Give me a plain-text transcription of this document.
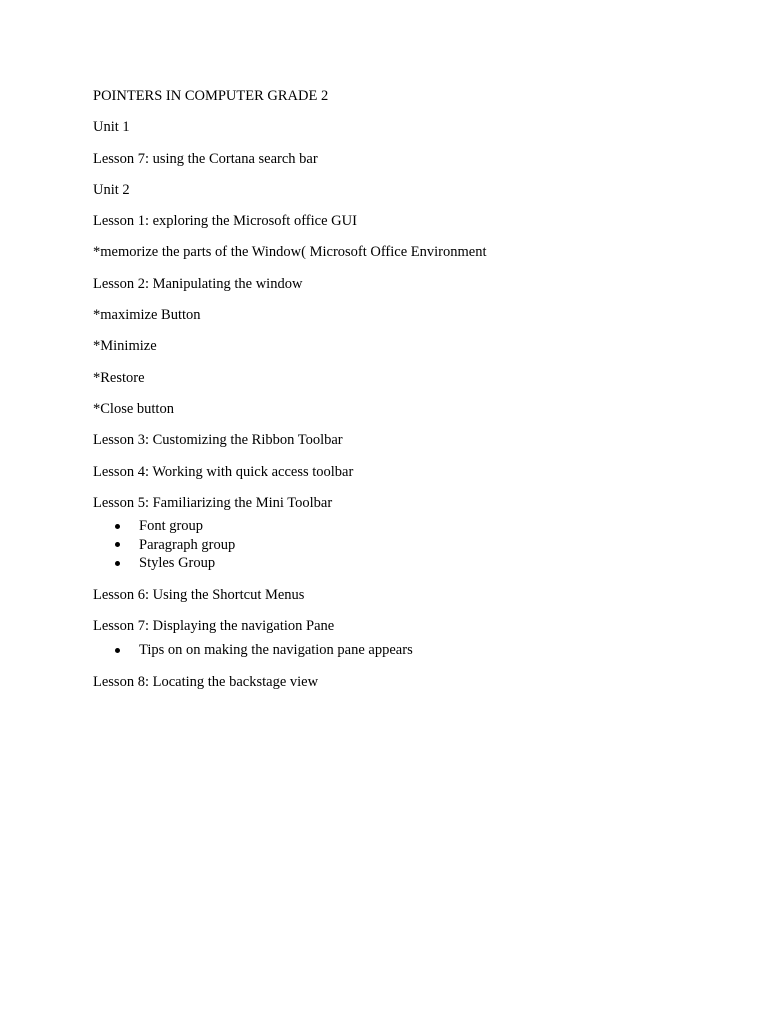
POINTERS IN COMPUTER GRADE 2
Unit 1
Lesson 7: using the Cortana search bar
Unit 2
Lesson 1: exploring the Microsoft office GUI
*memorize the parts of the Window( Microsoft Office Environment
Lesson 2: Manipulating the window
*maximize Button
*Minimize
*Restore
*Close button
Lesson 3: Customizing the Ribbon Toolbar
Lesson 4: Working with quick access toolbar
Lesson 5: Familiarizing the Mini Toolbar
Font group
Paragraph group
Styles Group
Lesson 6: Using the Shortcut Menus
Lesson 7: Displaying the navigation Pane
Tips on on making the navigation pane appears
Lesson 8: Locating the backstage view
